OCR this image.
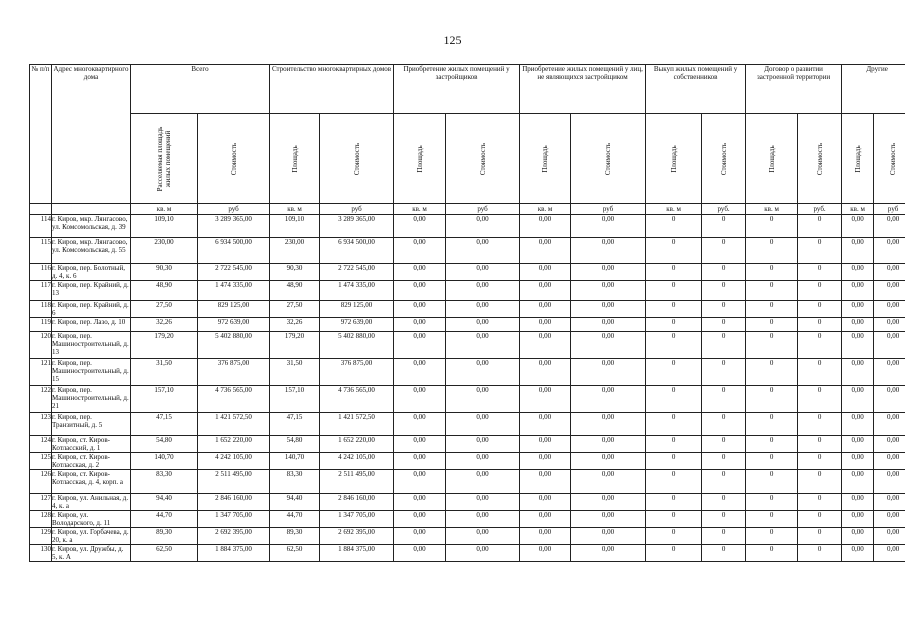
125
№ п/п	Адрес многоквартирного дома	Всего		Строительство многоквартирных домов		Приобретение жилых помещений у застройщиков		Приобретение жилых помещений у лиц, не являющихся застройщиком		Выкуп жилых помещений у собственников		Договор о развитии застроенной территории		Другие	

		Расселяемая площадь жилых помещений	Стоимость	Площадь	Стоимость	Площадь	Стоимость	Площадь	Стоимость	Площадь	Стоимость	Площадь	Стоимость	Площадь	Стоимость

		кв. м	руб	кв. м	руб	кв. м	руб	кв. м	руб	кв. м	руб.	кв. м	руб.	кв. м	руб
114	г. Киров, мкр. Лянгасово, ул. Комсомольская, д. 39	109,10	3 289 365,00	109,10	3 289 365,00	0,00	0,00	0,00	0,00	0	0	0	0	0,00	0,00
115	г. Киров, мкр. Лянгасово, ул. Комсомольская, д. 55	230,00	6 934 500,00	230,00	6 934 500,00	0,00	0,00	0,00	0,00	0	0	0	0	0,00	0,00
116	г. Киров, пер. Болотный, д. 4, к. 6	90,30	2 722 545,00	90,30	2 722 545,00	0,00	0,00	0,00	0,00	0	0	0	0	0,00	0,00
117	г. Киров, пер. Крайний, д. 13	48,90	1 474 335,00	48,90	1 474 335,00	0,00	0,00	0,00	0,00	0	0	0	0	0,00	0,00
118	г. Киров, пер. Крайний, д. 6	27,50	829 125,00	27,50	829 125,00	0,00	0,00	0,00	0,00	0	0	0	0	0,00	0,00
119	г. Киров, пер. Лазо, д. 10	32,26	972 639,00	32,26	972 639,00	0,00	0,00	0,00	0,00	0	0	0	0	0,00	0,00
120	г. Киров, пер. Машиностроительный, д. 13	179,20	5 402 880,00	179,20	5 402 880,00	0,00	0,00	0,00	0,00	0	0	0	0	0,00	0,00
121	г. Киров, пер. Машиностроительный, д. 15	31,50	376 875,00	31,50	376 875,00	0,00	0,00	0,00	0,00	0	0	0	0	0,00	0,00
122	г. Киров, пер. Машиностроительный, д. 21	157,10	4 736 565,00	157,10	4 736 565,00	0,00	0,00	0,00	0,00	0	0	0	0	0,00	0,00
123	г. Киров, пер. Транзитный, д. 5	47,15	1 421 572,50	47,15	1 421 572,50	0,00	0,00	0,00	0,00	0	0	0	0	0,00	0,00
124	г. Киров, ст. Киров-Котласский, д. 1	54,80	1 652 220,00	54,80	1 652 220,00	0,00	0,00	0,00	0,00	0	0	0	0	0,00	0,00
125	г. Киров, ст. Киров-Котласская, д. 2	140,70	4 242 105,00	140,70	4 242 105,00	0,00	0,00	0,00	0,00	0	0	0	0	0,00	0,00
126	г. Киров, ст. Киров-Котласская, д. 4, корп. а	83,30	2 511 495,00	83,30	2 511 495,00	0,00	0,00	0,00	0,00	0	0	0	0	0,00	0,00
127	г. Киров, ул. Анильная, д. 4, к. а	94,40	2 846 160,00	94,40	2 846 160,00	0,00	0,00	0,00	0,00	0	0	0	0	0,00	0,00
128	г. Киров, ул. Володарского, д. 11	44,70	1 347 705,00	44,70	1 347 705,00	0,00	0,00	0,00	0,00	0	0	0	0	0,00	0,00
129	г. Киров, ул. Горбачева, д. 20, к. а	89,30	2 692 395,00	89,30	2 692 395,00	0,00	0,00	0,00	0,00	0	0	0	0	0,00	0,00
130	г. Киров, ул. Дружбы, д. 5, к. А	62,50	1 884 375,00	62,50	1 884 375,00	0,00	0,00	0,00	0,00	0	0	0	0	0,00	0,00
